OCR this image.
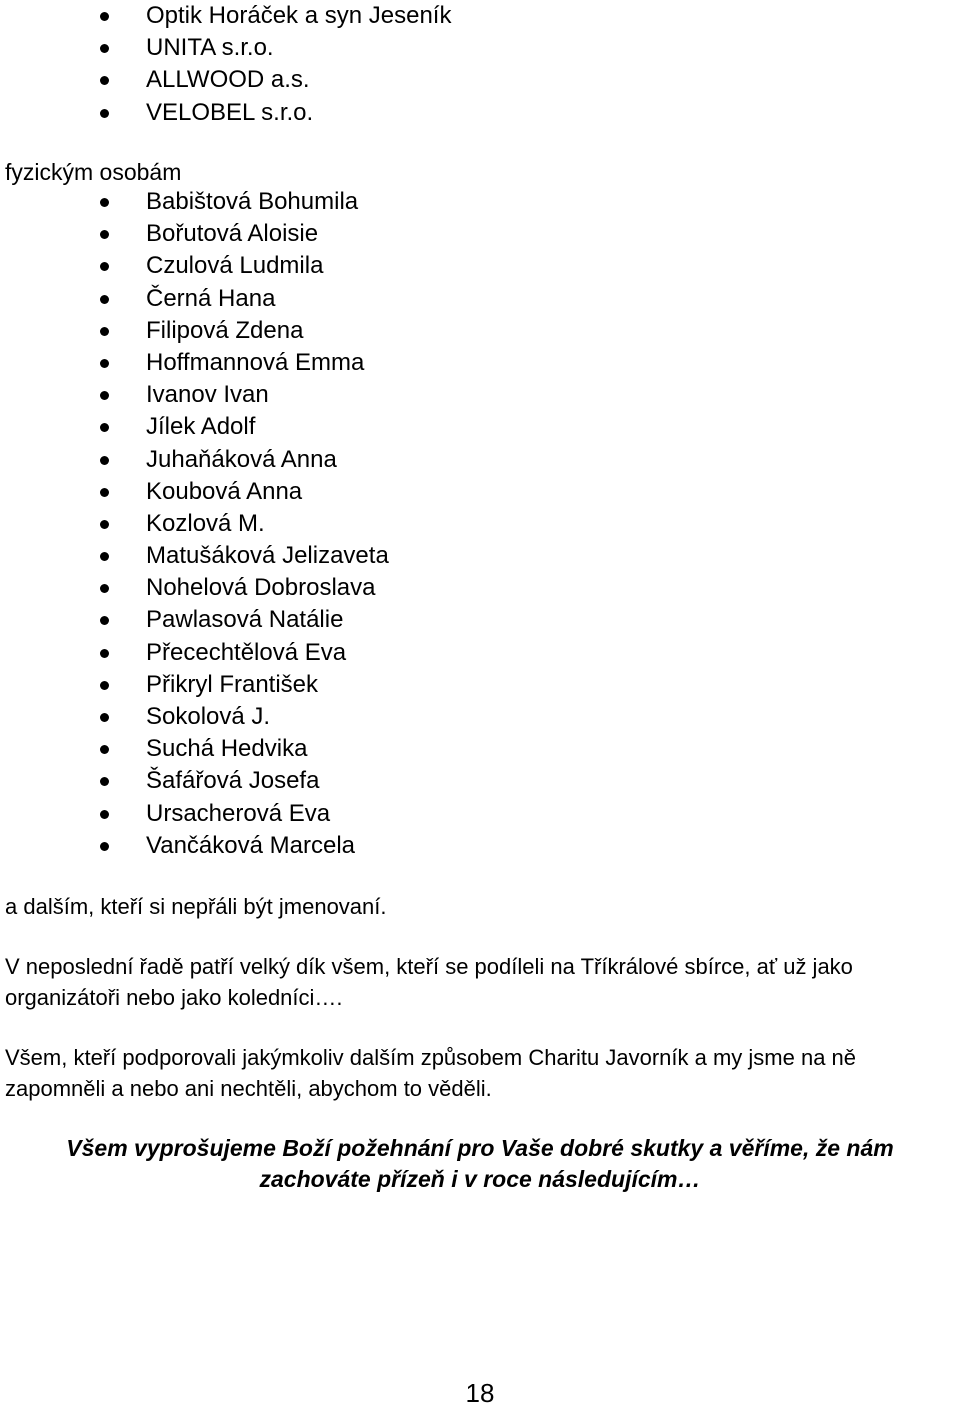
Optik Horáček a syn Jeseník
UNITA s.r.o.
ALLWOOD a.s.
VELOBEL s.r.o.

fyzickým osobám

Babištová Bohumila
Bořutová Aloisie
Czulová Ludmila
Černá Hana
Filipová Zdena
Hoffmannová Emma
Ivanov Ivan
Jílek Adolf
Juhaňáková Anna
Koubová Anna
Kozlová M.
Matušáková Jelizaveta
Nohelová Dobroslava
Pawlasová Natálie
Přecechtělová Eva
Přikryl František
Sokolová J.
Suchá Hedvika
Šafářová Josefa
Ursacherová Eva
Vančáková Marcela

a dalším, kteří si nepřáli být jmenovaní.

V neposlední řadě patří velký dík všem, kteří se podíleli na Tříkrálové sbírce, ať už jako organizátoři nebo jako koledníci….

Všem, kteří podporovali jakýmkoliv dalším způsobem Charitu Javorník a my jsme na ně zapomněli a nebo ani nechtěli, abychom to věděli.

Všem vyprošujeme Boží požehnání pro Vaše dobré skutky a věříme, že nám
zachováte přízeň i v roce následujícím…

18
